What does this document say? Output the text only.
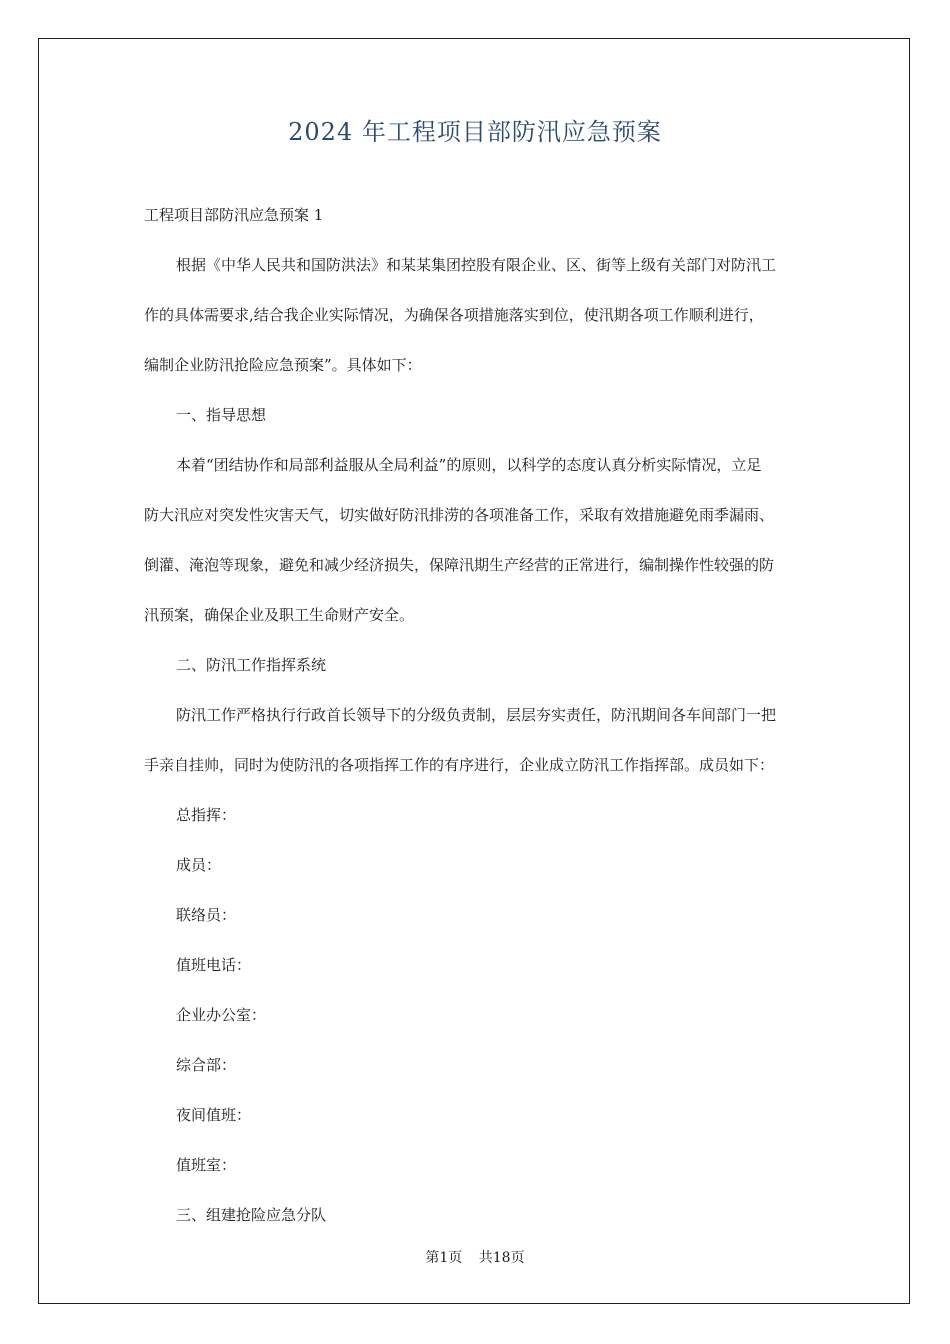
2024 年工程项目部防汛应急预案
工程项目部防汛应急预案 1
根据《中华人民共和国防洪法》和某某集团控股有限企业、区、街等上级有关部门对防汛工
作的具体需要求,结合我企业实际情况，为确保各项措施落实到位，使汛期各项工作顺利进行，
编制企业防汛抢险应急预案”。具体如下：
一、指导思想
本着“团结协作和局部利益服从全局利益”的原则，以科学的态度认真分析实际情况，立足
防大汛应对突发性灾害天气，切实做好防汛排涝的各项准备工作，采取有效措施避免雨季漏雨、
倒灌、淹泡等现象，避免和减少经济损失，保障汛期生产经营的正常进行，编制操作性较强的防
汛预案，确保企业及职工生命财产安全。
二、防汛工作指挥系统
防汛工作严格执行行政首长领导下的分级负责制，层层夯实责任，防汛期间各车间部门一把
手亲自挂帅，同时为使防汛的各项指挥工作的有序进行，企业成立防汛工作指挥部。成员如下：
总指挥：
成员：
联络员：
值班电话：
企业办公室：
综合部：
夜间值班：
值班室：
三、组建抢险应急分队
第1页 共18页
